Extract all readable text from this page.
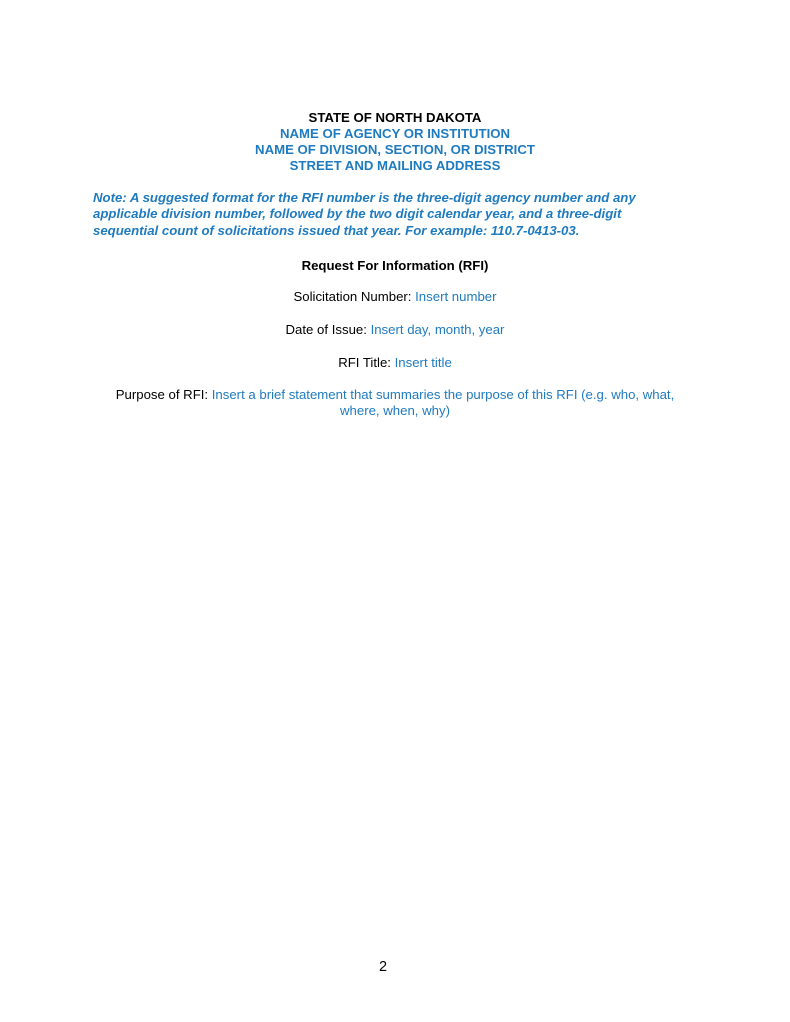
STATE OF NORTH DAKOTA
NAME OF AGENCY OR INSTITUTION
NAME OF DIVISION, SECTION, OR DISTRICT
STREET AND MAILING ADDRESS
Note: A suggested format for the RFI number is the three-digit agency number and any
applicable division number, followed by the two digit calendar year, and a three-digit
sequential count of solicitations issued that year. For example: 110.7-0413-03.
Request For Information (RFI)
Solicitation Number: Insert number
Date of Issue: Insert day, month, year
RFI Title: Insert title
Purpose of RFI: Insert a brief statement that summaries the purpose of this RFI (e.g. who, what,
where, when, why)
2
